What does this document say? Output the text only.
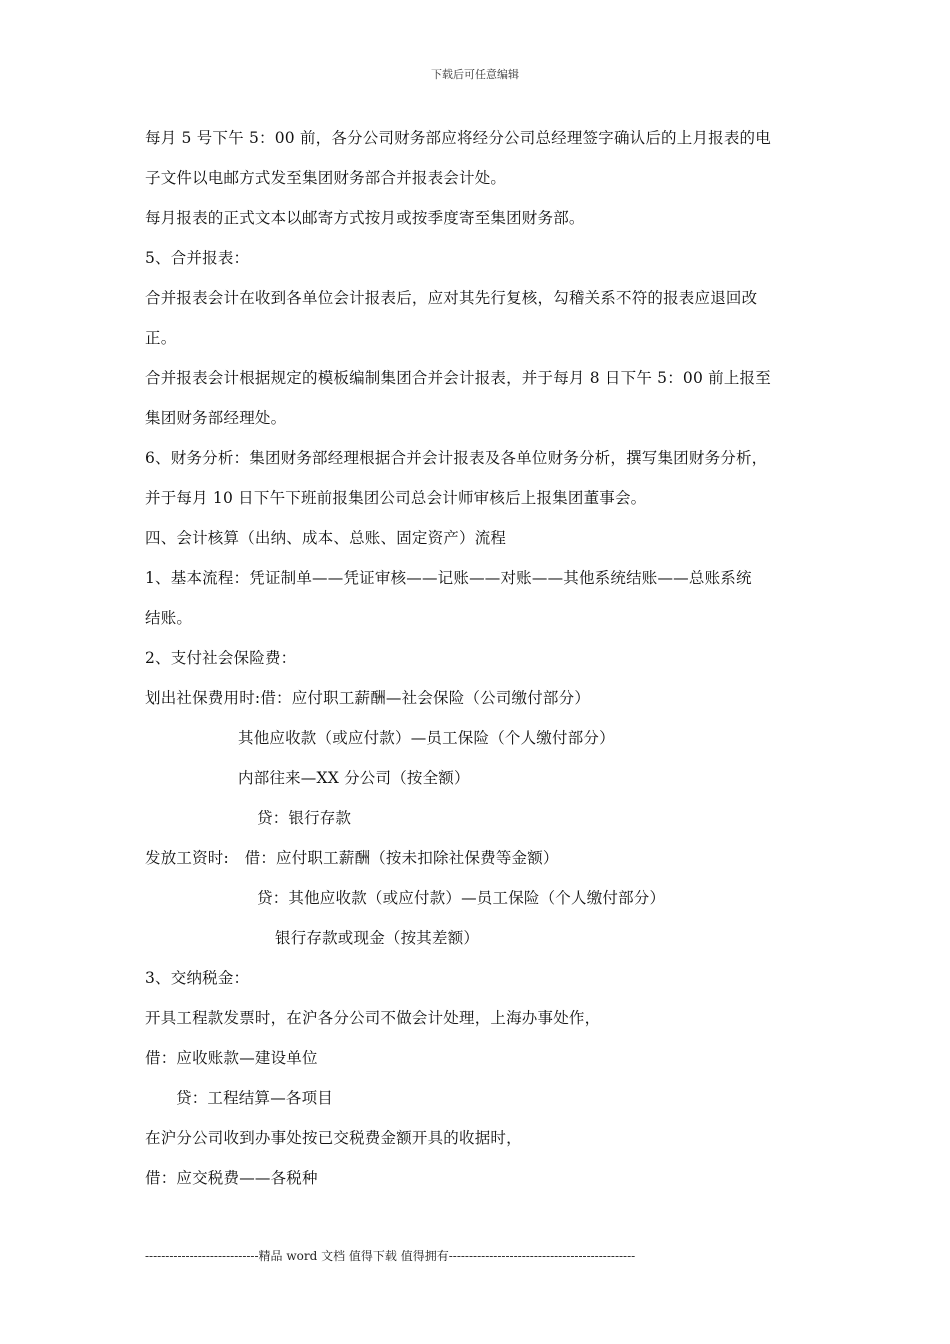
下载后可任意编辑
每月 5 号下午 5：00 前，各分公司财务部应将经分公司总经理签字确认后的上月报表的电
子文件以电邮方式发至集团财务部合并报表会计处。
每月报表的正式文本以邮寄方式按月或按季度寄至集团财务部。
5、合并报表：
合并报表会计在收到各单位会计报表后，应对其先行复核，勾稽关系不符的报表应退回改
正。
合并报表会计根据规定的模板编制集团合并会计报表，并于每月 8 日下午 5：00 前上报至
集团财务部经理处。
6、财务分析：集团财务部经理根据合并会计报表及各单位财务分析，撰写集团财务分析，
并于每月 10 日下午下班前报集团公司总会计师审核后上报集团董事会。
四、会计核算（出纳、成本、总账、固定资产）流程
1、基本流程：凭证制单——凭证审核——记账——对账——其他系统结账——总账系统
结账。
2、支付社会保险费：
划出社保费用时:借：应付职工薪酬—社会保险（公司缴付部分）
其他应收款（或应付款）—员工保险（个人缴付部分）
内部往来—XX 分公司（按全额）
贷：银行存款
发放工资时:　借：应付职工薪酬（按未扣除社保费等金额）
贷：其他应收款（或应付款）—员工保险（个人缴付部分）
银行存款或现金（按其差额）
3、交纳税金：
开具工程款发票时，在沪各分公司不做会计处理，上海办事处作，
借：应收账款—建设单位
贷：工程结算—各项目
在沪分公司收到办事处按已交税费金额开具的收据时，
借：应交税费——各税种
----------------------------精品 word 文档 值得下载 值得拥有----------------------------------------------
